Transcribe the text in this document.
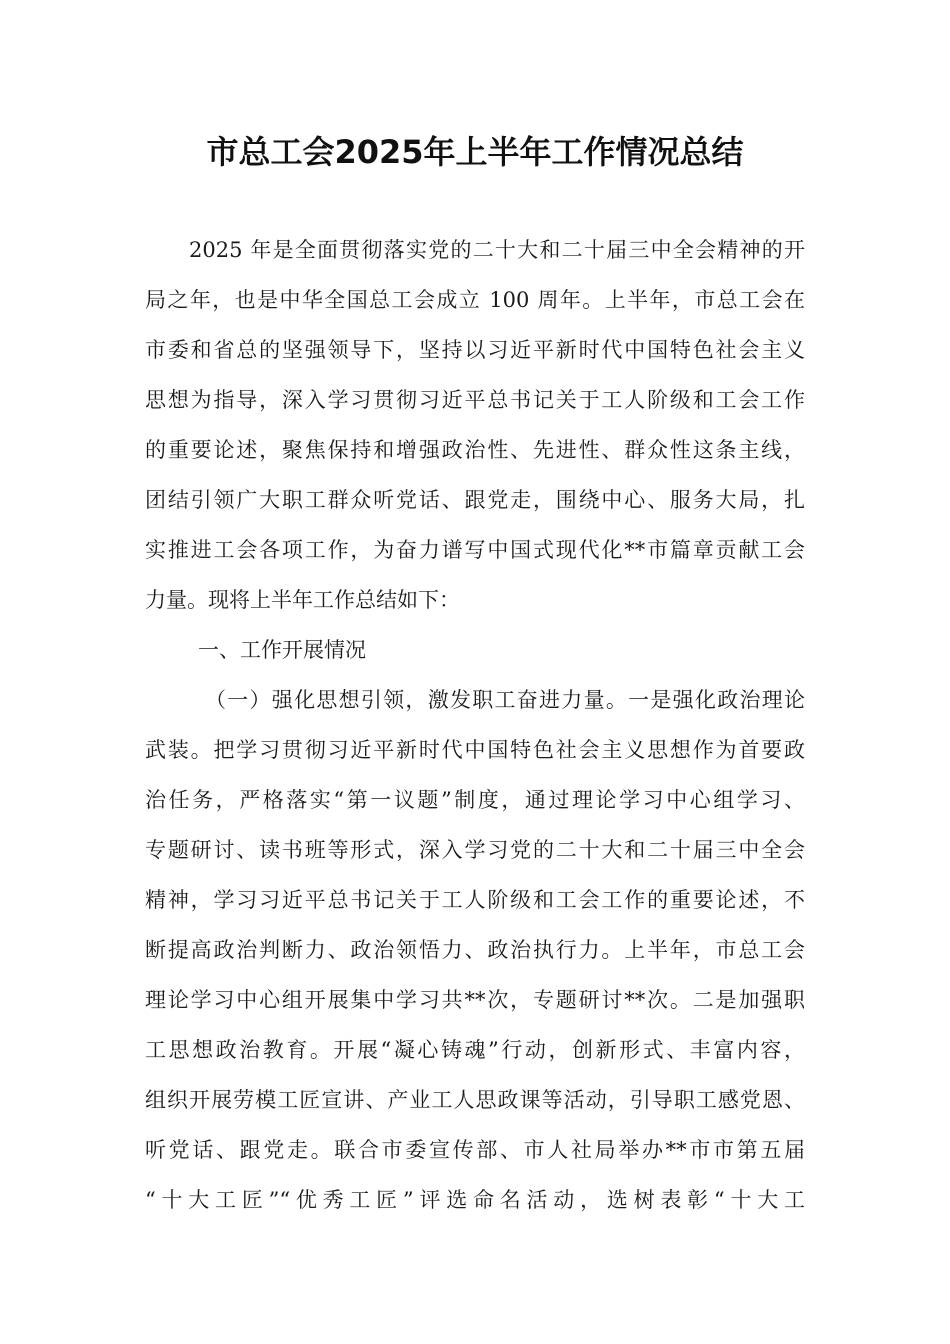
市总工会2025年上半年工作情况总结

2025 年是全面贯彻落实党的二十大和二十届三中全会精神的开

局之年，也是中华全国总工会成立 100 周年。上半年，市总工会在

市委和省总的坚强领导下，坚持以习近平新时代中国特色社会主义

思想为指导，深入学习贯彻习近平总书记关于工人阶级和工会工作

的重要论述，聚焦保持和增强政治性、先进性、群众性这条主线，

团结引领广大职工群众听党话、跟党走，围绕中心、服务大局，扎

实推进工会各项工作，为奋力谱写中国式现代化**市篇章贡献工会

力量。现将上半年工作总结如下：

一、工作开展情况

（一）强化思想引领，激发职工奋进力量。一是强化政治理论

武装。把学习贯彻习近平新时代中国特色社会主义思想作为首要政

治任务，严格落实“第一议题”制度，通过理论学习中心组学习、

专题研讨、读书班等形式，深入学习党的二十大和二十届三中全会

精神，学习习近平总书记关于工人阶级和工会工作的重要论述，不

断提高政治判断力、政治领悟力、政治执行力。上半年，市总工会

理论学习中心组开展集中学习共**次，专题研讨**次。二是加强职

工思想政治教育。开展“凝心铸魂”行动，创新形式、丰富内容，

组织开展劳模工匠宣讲、产业工人思政课等活动，引导职工感党恩、

听党话、跟党走。联合市委宣传部、市人社局举办**市市第五届

“十大工匠”“优秀工匠”评选命名活动，选树表彰“十大工
